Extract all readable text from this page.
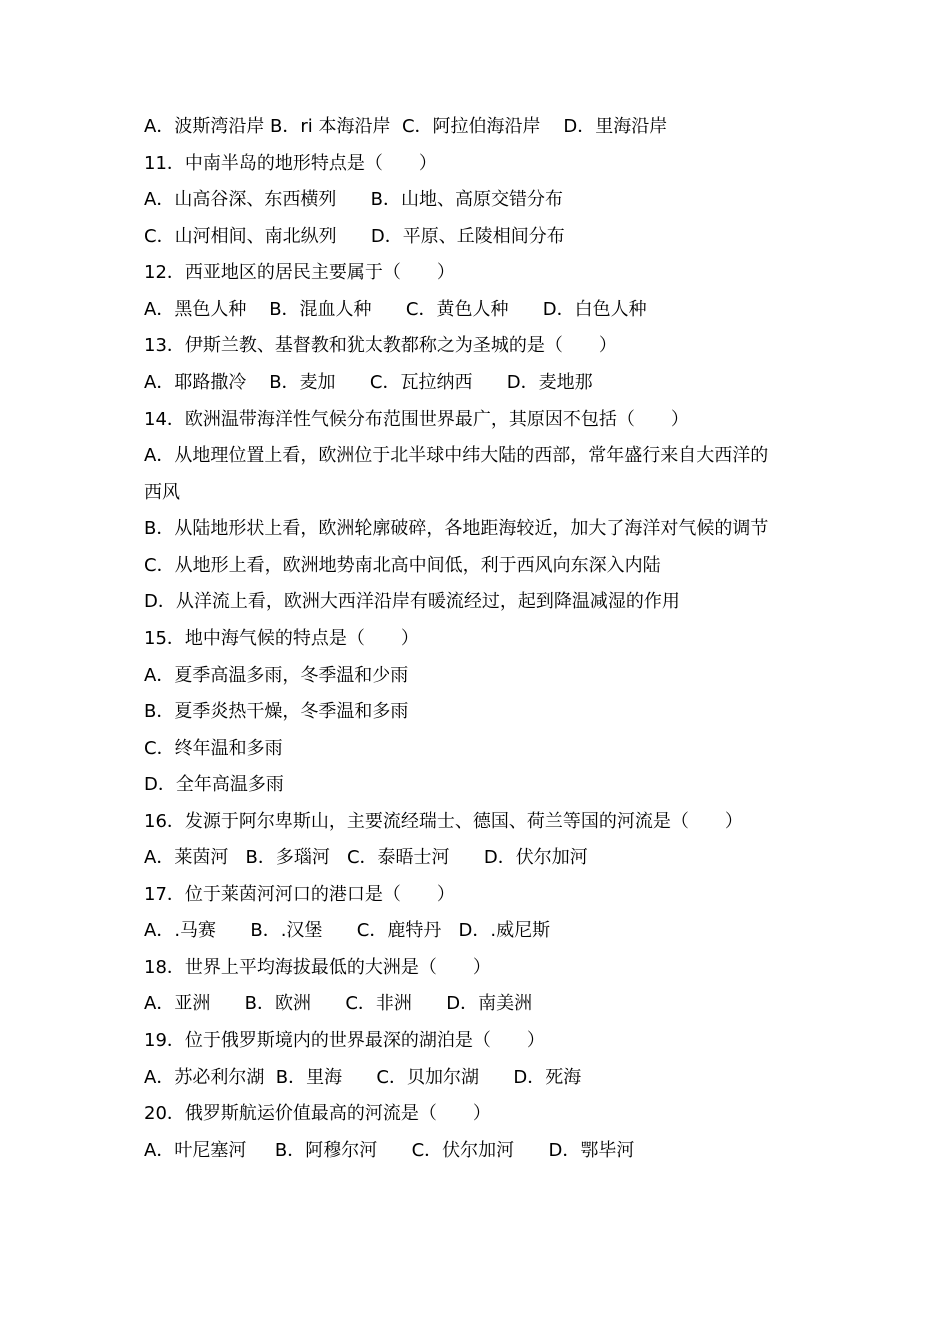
A．波斯湾沿岸 B．ri 本海沿岸  C．阿拉伯海沿岸    D．里海沿岸
11．中南半岛的地形特点是（　　）
A．山高谷深、东西横列      B．山地、高原交错分布
C．山河相间、南北纵列      D．平原、丘陵相间分布
12．西亚地区的居民主要属于（　　）
A．黑色人种    B．混血人种      C．黄色人种      D．白色人种
13．伊斯兰教、基督教和犹太教都称之为圣城的是（　　）
A．耶路撒冷    B．麦加      C．瓦拉纳西      D．麦地那
14．欧洲温带海洋性气候分布范围世界最广，其原因不包括（　　）
A．从地理位置上看，欧洲位于北半球中纬大陆的西部，常年盛行来自大西洋的
西风
B．从陆地形状上看，欧洲轮廓破碎，各地距海较近，加大了海洋对气候的调节
C．从地形上看，欧洲地势南北高中间低，利于西风向东深入内陆
D．从洋流上看，欧洲大西洋沿岸有暖流经过，起到降温减湿的作用
15．地中海气候的特点是（　　）
A．夏季高温多雨，冬季温和少雨
B．夏季炎热干燥，冬季温和多雨
C．终年温和多雨
D．全年高温多雨
16．发源于阿尔卑斯山，主要流经瑞士、德国、荷兰等国的河流是（　　）
A．莱茵河   B．多瑙河   C．泰晤士河      D．伏尔加河
17．位于莱茵河河口的港口是（　　）
A．.马赛      B．.汉堡      C．鹿特丹   D．.威尼斯
18．世界上平均海拔最低的大洲是（　　）
A．亚洲      B．欧洲      C．非洲      D．南美洲
19．位于俄罗斯境内的世界最深的湖泊是（　　）
A．苏必利尔湖  B．里海      C．贝加尔湖      D．死海
20．俄罗斯航运价值最高的河流是（　　）
A．叶尼塞河     B．阿穆尔河      C．伏尔加河      D．鄂毕河
